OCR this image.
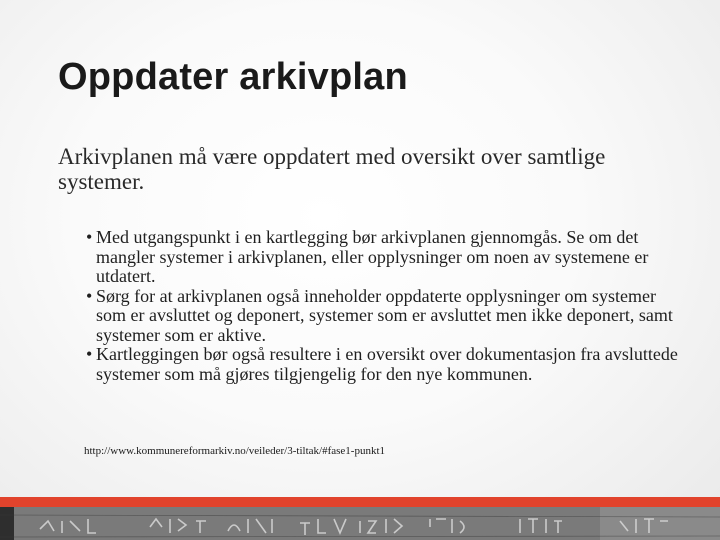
Oppdater arkivplan

Arkivplanen må være oppdatert med oversikt over samtlige systemer.

• Med utgangspunkt i en kartlegging bør arkivplanen gjennomgås. Se om det mangler systemer i arkivplanen, eller opplysninger om noen av systemene er utdatert.
• Sørg for at arkivplanen også inneholder oppdaterte opplysninger om systemer som er avsluttet og deponert, systemer som er avsluttet men ikke deponert, samt systemer som er aktive.
• Kartleggingen bør også resultere i en oversikt over dokumentasjon fra avsluttede systemer som må gjøres tilgjengelig for den nye kommunen.
http://www.kommunereformarkiv.no/veileder/3-tiltak/#fase1-punkt1
